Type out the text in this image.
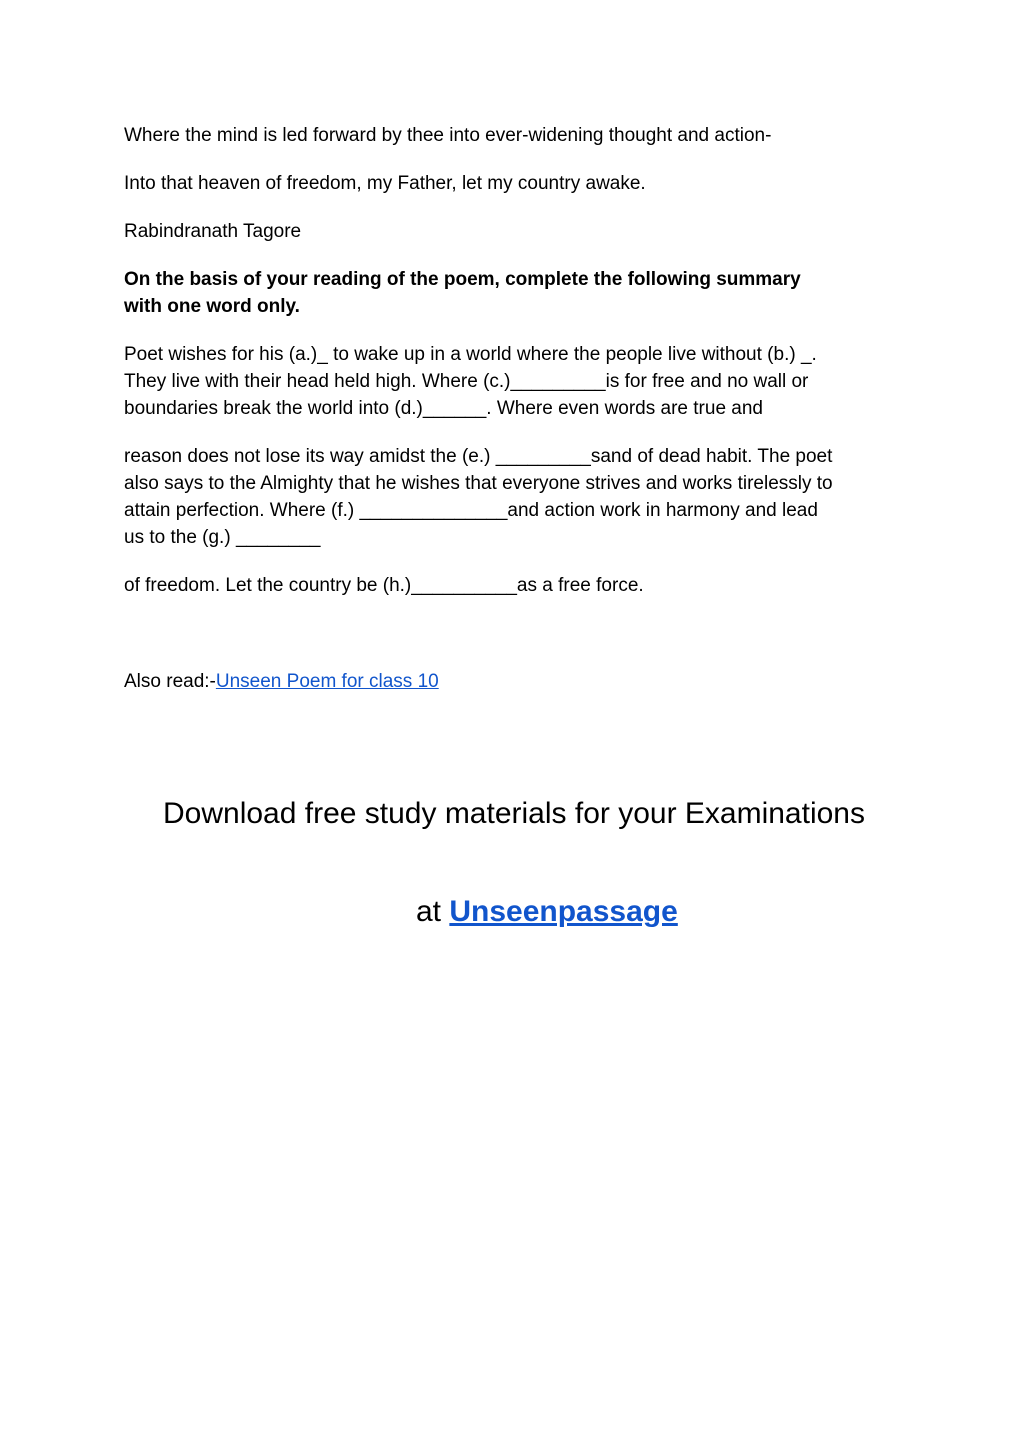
Where the mind is led forward by thee into ever-widening thought and action-

Into that heaven of freedom, my Father, let my country awake.

Rabindranath Tagore

On the basis of your reading of the poem, complete the following summary

with one word only.

Poet wishes for his (a.)_ to wake up in a world where the people live without (b.) _.

They live with their head held high. Where (c.)_________is for free and no wall or

boundaries break the world into (d.)______. Where even words are true and

reason does not lose its way amidst the (e.) _________sand of dead habit. The poet

also says to the Almighty that he wishes that everyone strives and works tirelessly to

attain perfection. Where (f.) ______________and action work in harmony and lead

us to the (g.) ________

of freedom. Let the country be (h.)__________as a free force.

Also read:-Unseen Poem for class 10

Download free study materials for your Examinations

at Unseenpassage
